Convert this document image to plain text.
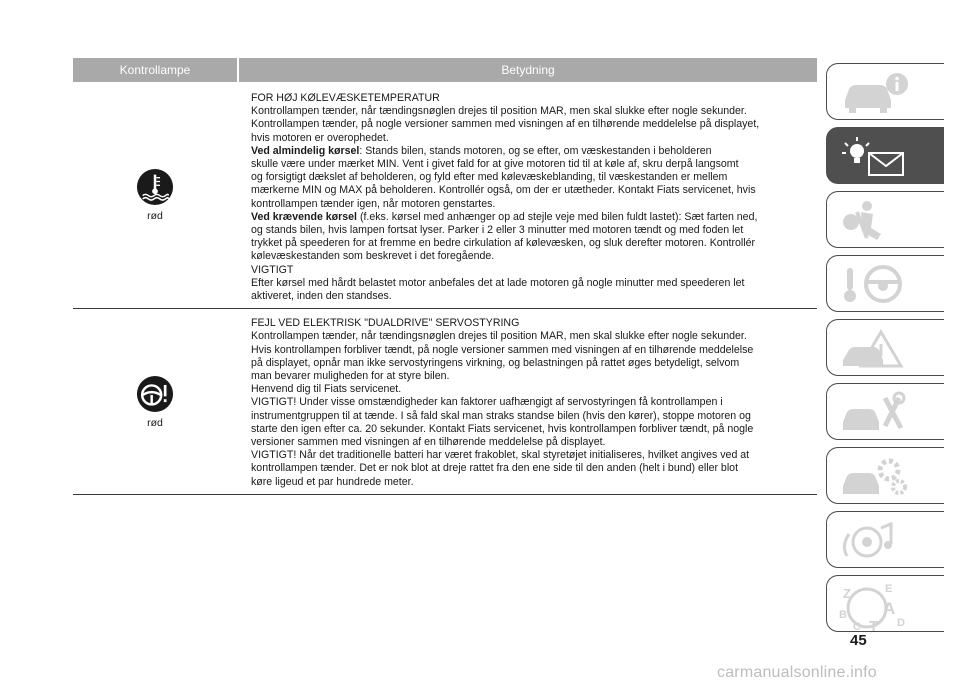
Kontrollampe	Betydning
rød
FOR HØJ KØLEVÆSKETEMPERATUR
Kontrollampen tænder, når tændingsnøglen drejes til position MAR, men skal slukke efter nogle sekunder.
Kontrollampen tænder, på nogle versioner sammen med visningen af en tilhørende meddelelse på displayet,
hvis motoren er overophedet.
Ved almindelig kørsel: Stands bilen, stands motoren, og se efter, om væskestanden i beholderen
skulle være under mærket MIN. Vent i givet fald for at give motoren tid til at køle af, skru derpå langsomt
og forsigtigt dækslet af beholderen, og fyld efter med kølevæskeblanding, til væskestanden er mellem
mærkerne MIN og MAX på beholderen. Kontrollér også, om der er utætheder. Kontakt Fiats servicenet, hvis
kontrollampen tænder igen, når motoren genstartes.
Ved krævende kørsel (f.eks. kørsel med anhænger op ad stejle veje med bilen fuldt lastet): Sæt farten ned,
og stands bilen, hvis lampen fortsat lyser. Parker i 2 eller 3 minutter med motoren tændt og med foden let
trykket på speederen for at fremme en bedre cirkulation af kølevæsken, og sluk derefter motoren. Kontrollér
kølevæskestanden som beskrevet i det foregående.
VIGTIGT
Efter kørsel med hårdt belastet motor anbefales det at lade motoren gå nogle minutter med speederen let
aktiveret, inden den standses.
rød
FEJL VED ELEKTRISK "DUALDRIVE" SERVOSTYRING
Kontrollampen tænder, når tændingsnøglen drejes til position MAR, men skal slukke efter nogle sekunder.
Hvis kontrollampen forbliver tændt, på nogle versioner sammen med visningen af en tilhørende meddelelse
på displayet, opnår man ikke servostyringens virkning, og belastningen på rattet øges betydeligt, selvom
man bevarer muligheden for at styre bilen.
Henvend dig til Fiats servicenet.
VIGTIGT! Under visse omstændigheder kan faktorer uafhængigt af servostyringen få kontrollampen i
instrumentgruppen til at tænde. I så fald skal man straks standse bilen (hvis den kører), stoppe motoren og
starte den igen efter ca. 20 sekunder. Kontakt Fiats servicenet, hvis kontrollampen forbliver tændt, på nogle
versioner sammen med visningen af en tilhørende meddelelse på displayet.
VIGTIGT! Når det traditionelle batteri har været frakoblet, skal styretøjet initialiseres, hvilket angives ved at
kontrollampen tænder. Det er nok blot at dreje rattet fra den ene side til den anden (helt i bund) eller blot
køre ligeud et par hundrede meter.
Z	E
B A
C T D
45
carmanualsonline.info
